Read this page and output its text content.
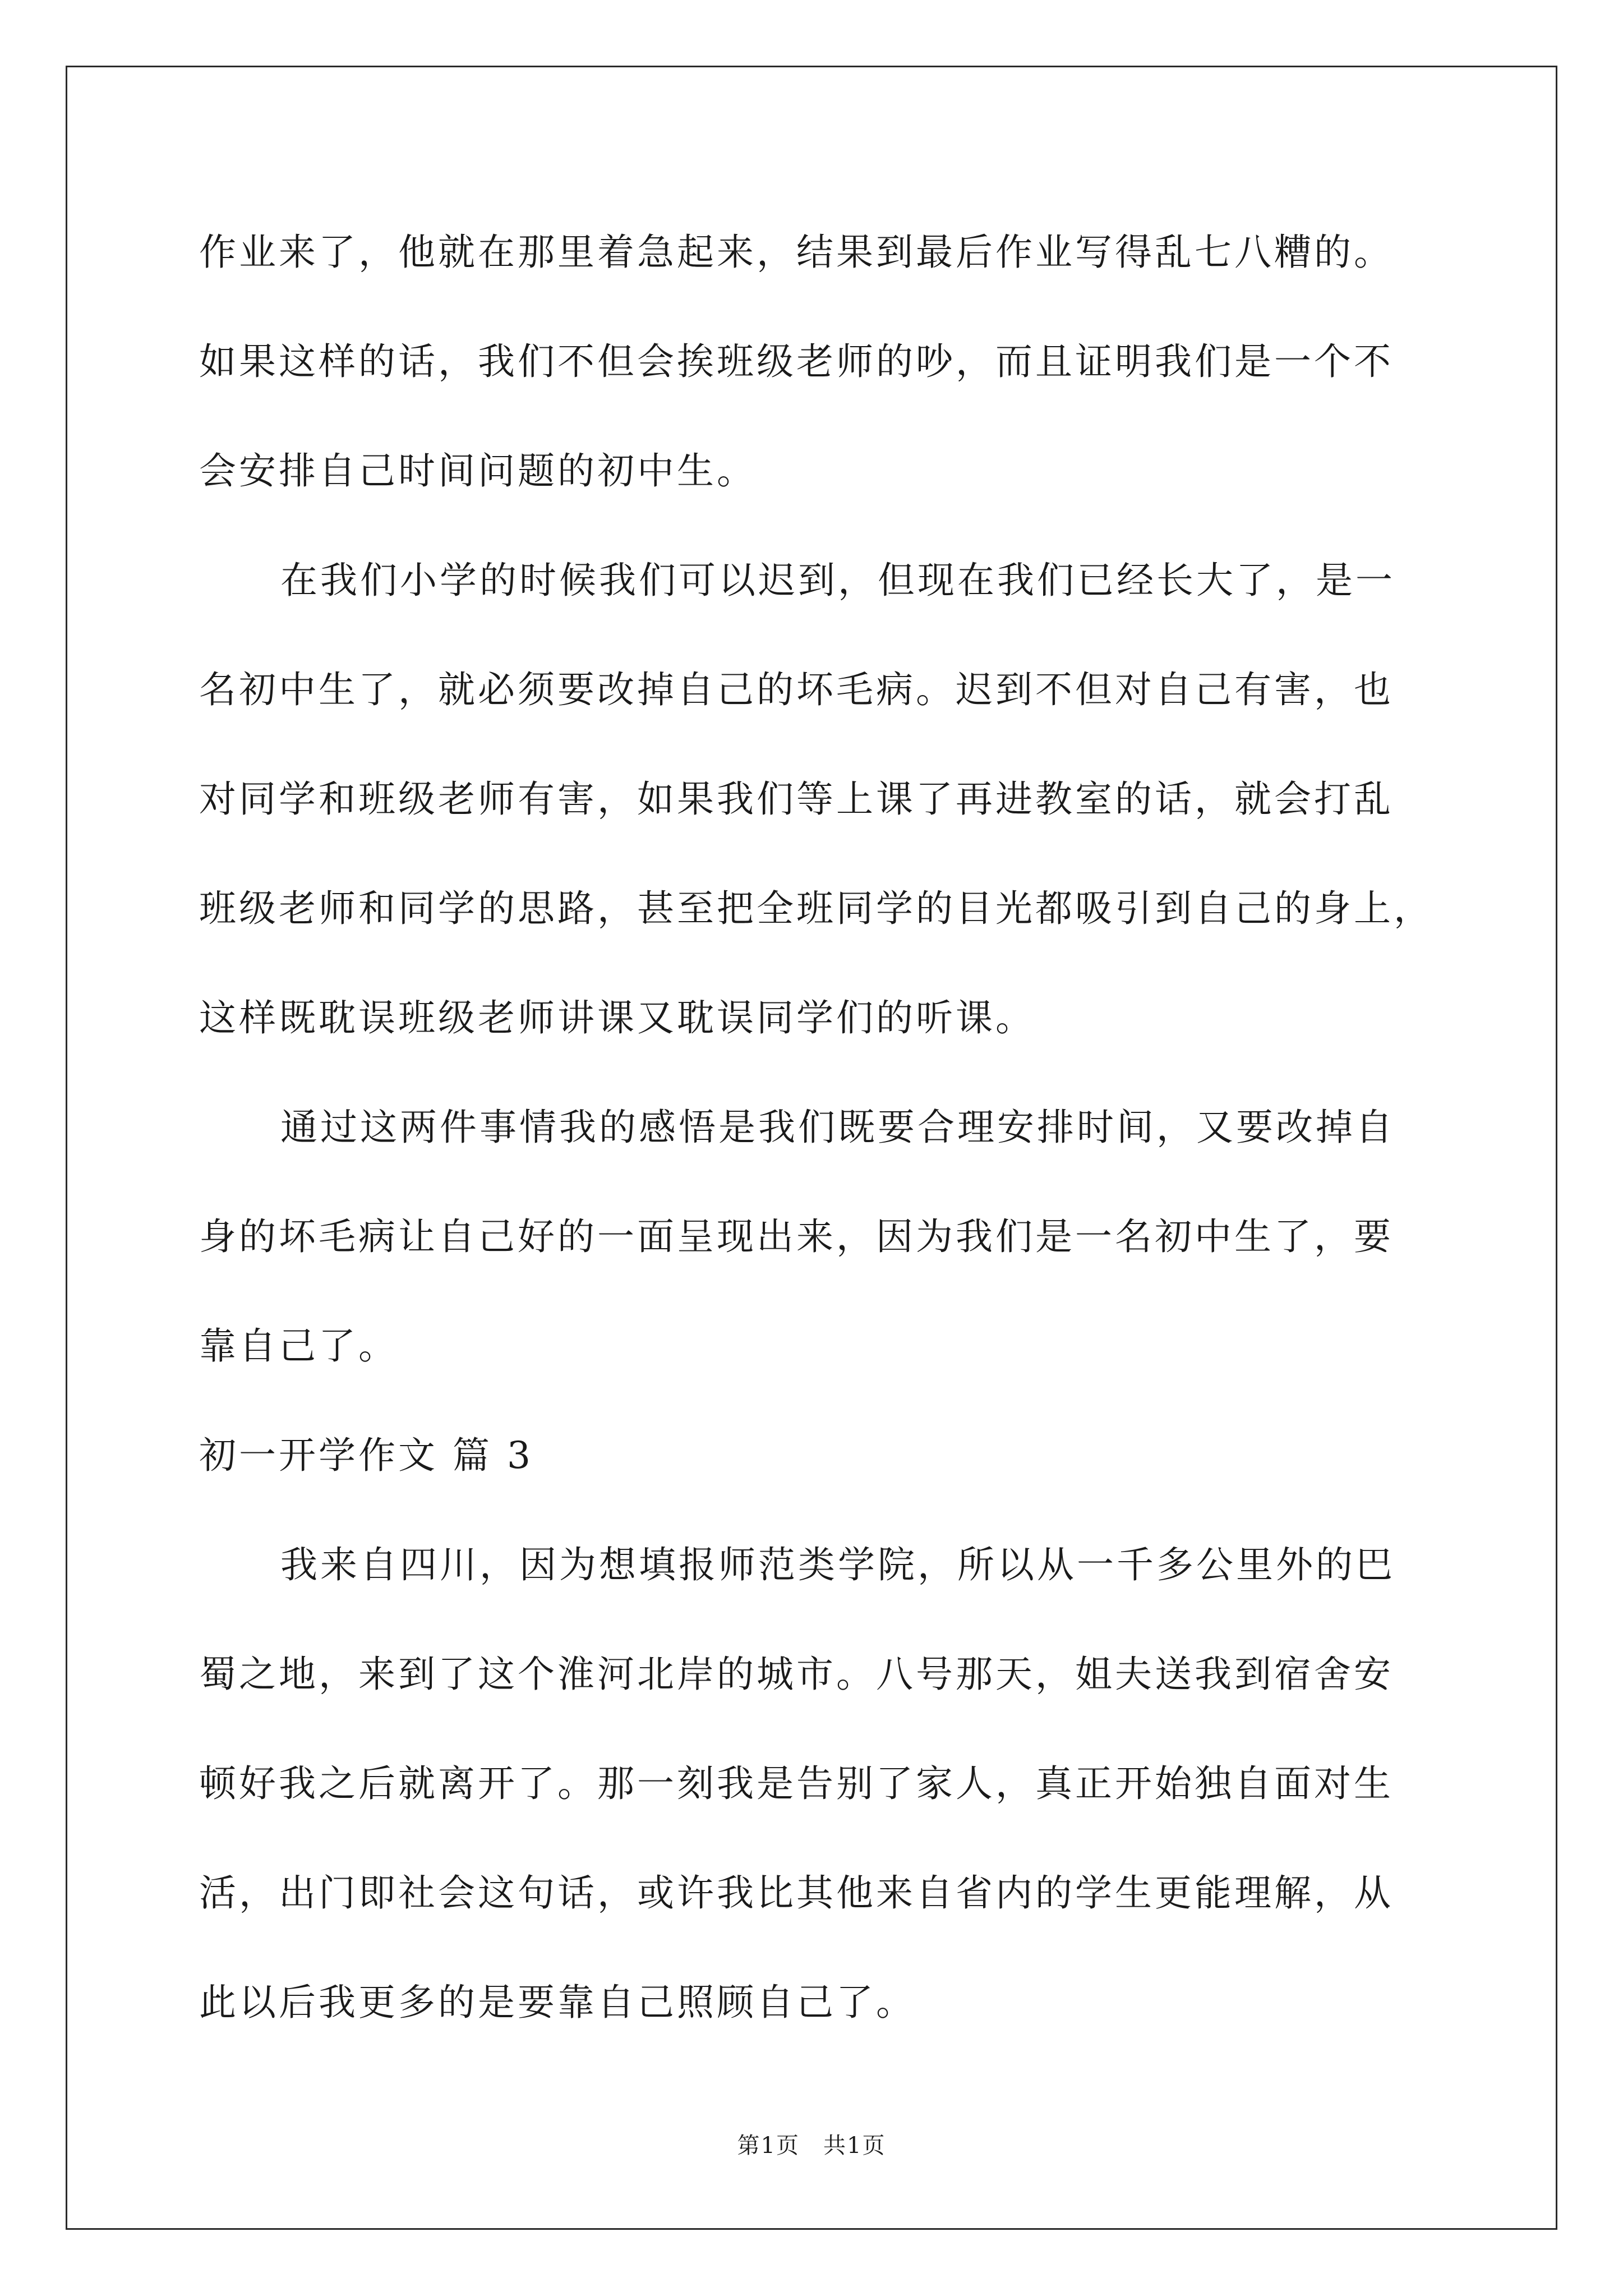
作业来了，他就在那里着急起来，结果到最后作业写得乱七八糟的。
如果这样的话，我们不但会挨班级老师的吵，而且证明我们是一个不
会安排自己时间问题的初中生。
在我们小学的时候我们可以迟到，但现在我们已经长大了，是一
名初中生了，就必须要改掉自己的坏毛病。迟到不但对自己有害，也
对同学和班级老师有害，如果我们等上课了再进教室的话，就会打乱
班级老师和同学的思路，甚至把全班同学的目光都吸引到自己的身上，
这样既耽误班级老师讲课又耽误同学们的听课。
通过这两件事情我的感悟是我们既要合理安排时间，又要改掉自
身的坏毛病让自己好的一面呈现出来，因为我们是一名初中生了，要
靠自己了。
初一开学作文 篇 3
我来自四川，因为想填报师范类学院，所以从一千多公里外的巴
蜀之地，来到了这个淮河北岸的城市。八号那天，姐夫送我到宿舍安
顿好我之后就离开了。那一刻我是告别了家人，真正开始独自面对生
活，出门即社会这句话，或许我比其他来自省内的学生更能理解，从
此以后我更多的是要靠自己照顾自己了。
第1页　共1页
